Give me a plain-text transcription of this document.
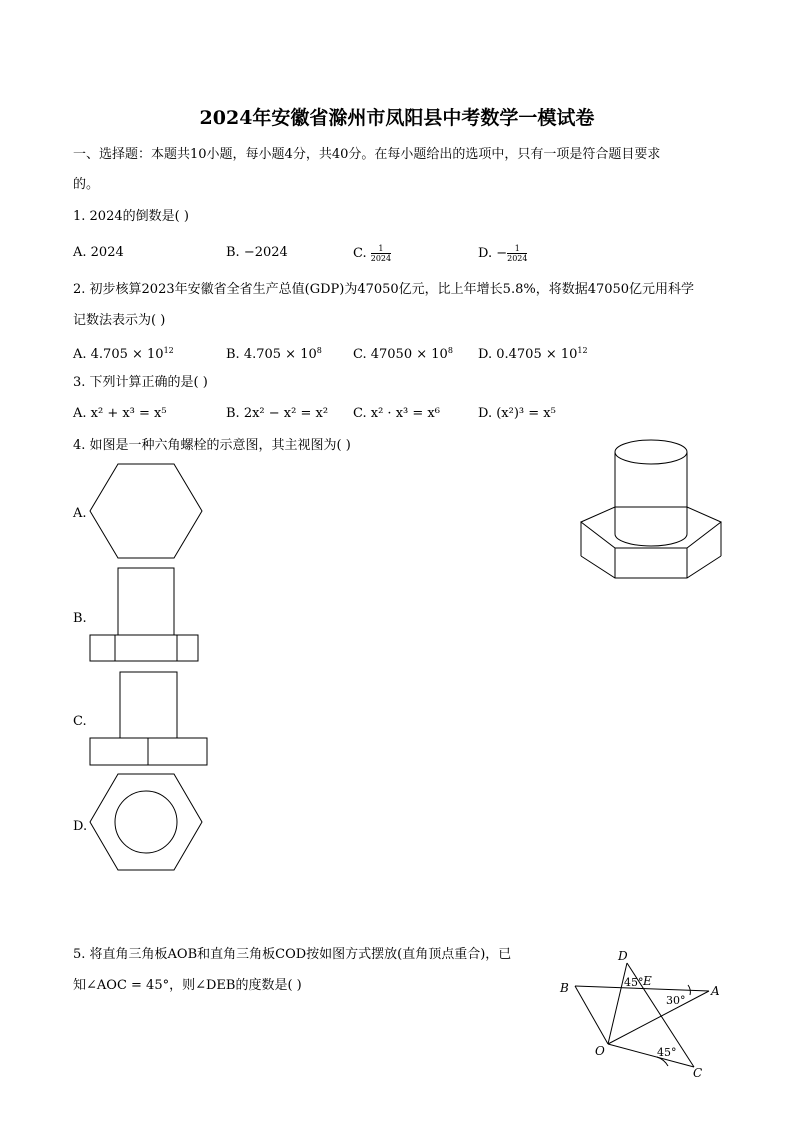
2024年安徽省滁州市凤阳县中考数学一模试卷
一、选择题：本题共10小题，每小题4分，共40分。在每小题给出的选项中，只有一项是符合题目要求
的。
1. 2024的倒数是( )
A. 2024	B. −2024	C. $\frac{1}{2024}$	D. − $\frac{1}{2024}$
2. 初步核算2023年安徽省全省生产总值(GDP)为47050亿元，比上年增长5.8%，将数据47050亿元用科学
记数法表示为( )
A. $4.705 \times 10^{12}$	B. $4.705 \times 10^8$ C. $47050 \times 10^8$ D. $0.4705 \times 10^{12}$
3. 下列计算正确的是( )
A. x² + x³ = x⁵	B. 2x² − x² = x² C. x² · x³ = x⁶	D. (x²)³ = x⁵
4. 如图是一种六角螺栓的示意图，其主视图为( )
A.
B.
C.
D.
5. 将直角三角板AOB和直角三角板COD按如图方式摆放(直角顶点重合)，已
知∠AOC = 45°，则∠DEB的度数是( )
D
E
B	A
O
C
45°
30°
45°
